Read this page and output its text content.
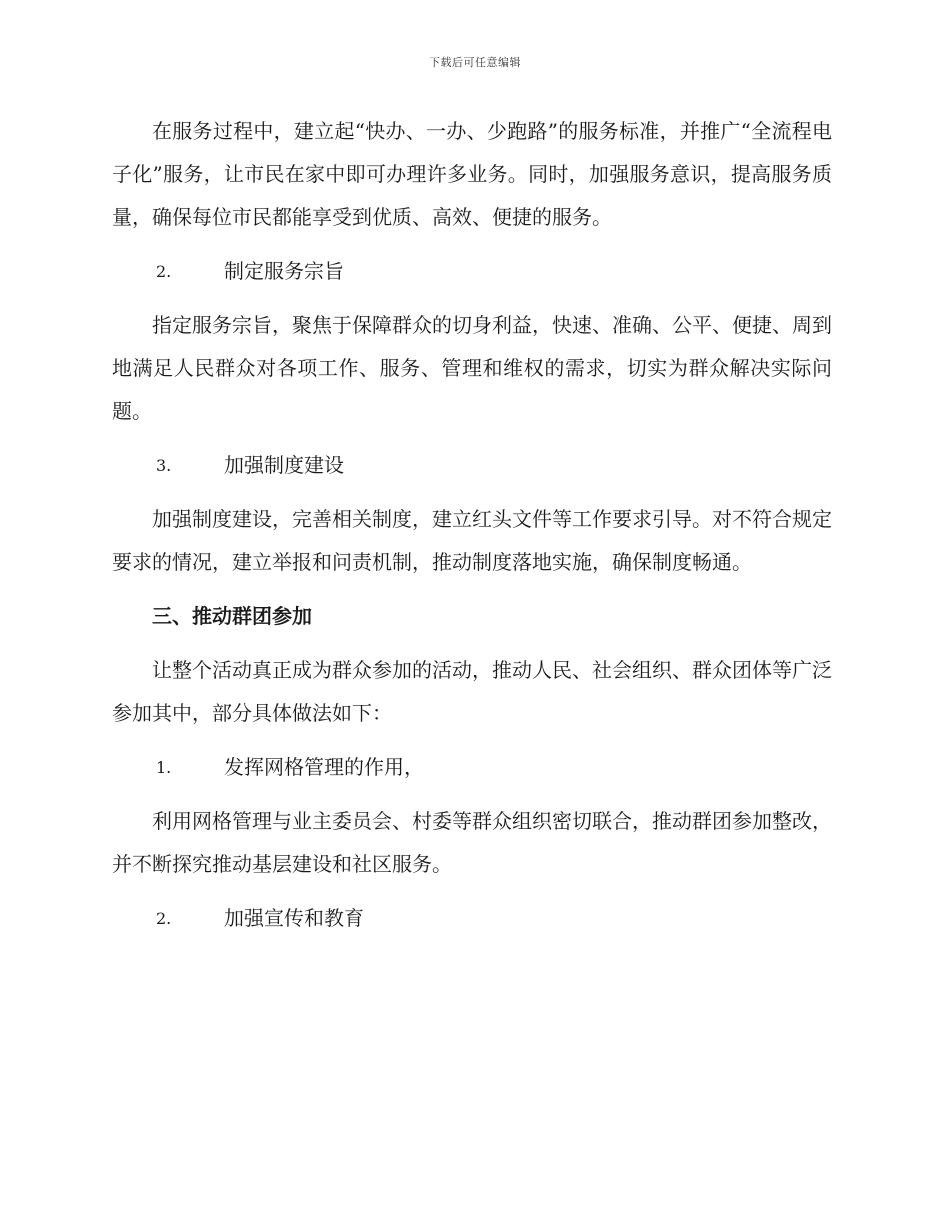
下载后可任意编辑

在服务过程中，建立起“快办、一办、少跑路”的服务标准，并推广“全流程电子化”服务，让市民在家中即可办理许多业务。同时，加强服务意识，提高服务质量，确保每位市民都能享受到优质、高效、便捷的服务。

2.	制定服务宗旨

指定服务宗旨，聚焦于保障群众的切身利益，快速、准确、公平、便捷、周到地满足人民群众对各项工作、服务、管理和维权的需求，切实为群众解决实际问题。

3.	加强制度建设

加强制度建设，完善相关制度，建立红头文件等工作要求引导。对不符合规定要求的情况，建立举报和问责机制，推动制度落地实施，确保制度畅通。

三、推动群团参加

让整个活动真正成为群众参加的活动，推动人民、社会组织、群众团体等广泛参加其中，部分具体做法如下：

1.	发挥网格管理的作用，

利用网格管理与业主委员会、村委等群众组织密切联合，推动群团参加整改，并不断探究推动基层建设和社区服务。

2.	加强宣传和教育
